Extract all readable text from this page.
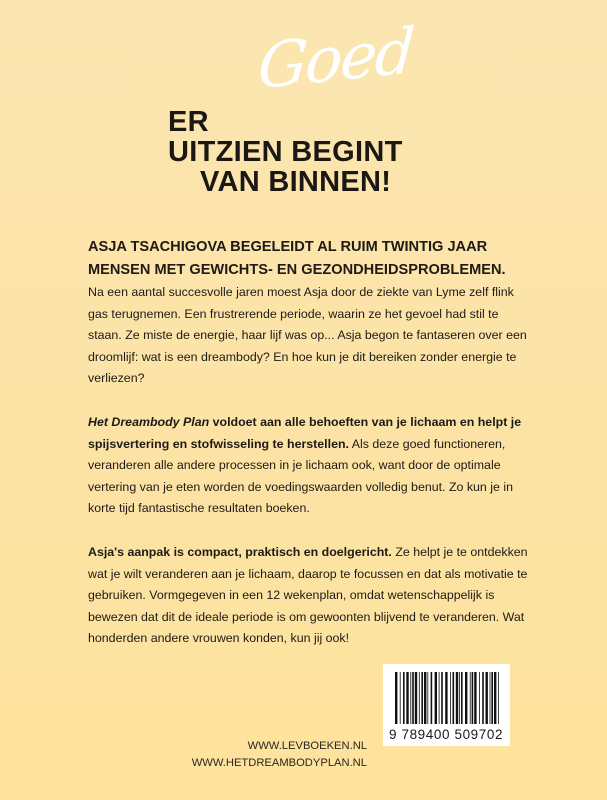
Goed
ER
UITZIEN BEGINT
VAN BINNEN!
ASJA TSACHIGOVA BEGELEIDT AL RUIM TWINTIG JAAR MENSEN MET GEWICHTS- EN GEZONDHEIDSPROBLEMEN.

Na een aantal succesvolle jaren moest Asja door de ziekte van Lyme zelf flink gas terugnemen. Een frustrerende periode, waarin ze het gevoel had stil te staan. Ze miste de energie, haar lijf was op... Asja begon te fantaseren over een droomlijf: wat is een dreambody? En hoe kun je dit bereiken zonder energie te verliezen?

Het Dreambody Plan voldoet aan alle behoeften van je lichaam en helpt je spijsvertering en stofwisseling te herstellen. Als deze goed functioneren, veranderen alle andere processen in je lichaam ook, want door de optimale vertering van je eten worden de voedingswaarden volledig benut. Zo kun je in korte tijd fantastische resultaten boeken.

Asja's aanpak is compact, praktisch en doelgericht. Ze helpt je te ontdekken wat je wilt veranderen aan je lichaam, daarop te focussen en dat als motivatie te gebruiken. Vormgegeven in een 12 wekenplan, omdat wetenschappelijk is bewezen dat dit de ideale periode is om gewoonten blijvend te veranderen. Wat honderden andere vrouwen konden, kun jij ook!

WWW.LEVBOEKEN.NL
WWW.HETDREAMBODYPLAN.NL
9 789400 509702
